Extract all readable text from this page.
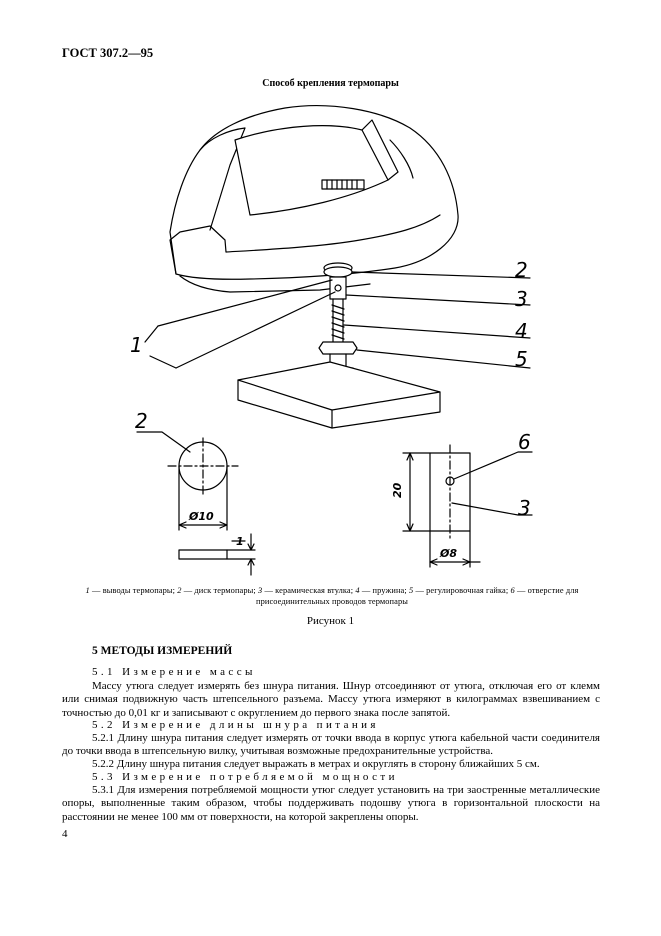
ГОСТ 307.2—95
Способ крепления термопары
1
2
3
4
5
2
6
3
Ø10
1
20
Ø8
1 — выводы термопары; 2 — диск термопары; 3 — керамическая втулка; 4 — пружина; 5 — регулировочная гайка; 6 — отверстие для присоединительных проводов термопары
Рисунок 1
5 МЕТОДЫ ИЗМЕРЕНИЙ
5.1 Измерение массы
Массу утюга следует измерять без шнура питания. Шнур отсоединяют от утюга, отключая его от клемм или снимая подвижную часть штепсельного разъема. Массу утюга измеряют в килограммах взвешиванием с точностью до 0,01 кг и записывают с округлением до первого знака после запятой.
5.2 Измерение длины шнура питания
5.2.1 Длину шнура питания следует измерять от точки ввода в корпус утюга кабельной части соединителя до точки ввода в штепсельную вилку, учитывая возможные предохранительные устройства.
5.2.2 Длину шнура питания следует выражать в метрах и округлять в сторону ближайших 5 см.
5.3 Измерение потребляемой мощности
5.3.1 Для измерения потребляемой мощности утюг следует установить на три заостренные металлические опоры, выполненные таким образом, чтобы поддерживать подошву утюга в горизонтальной плоскости на расстоянии не менее 100 мм от поверхности, на которой закреплены опоры.
4
